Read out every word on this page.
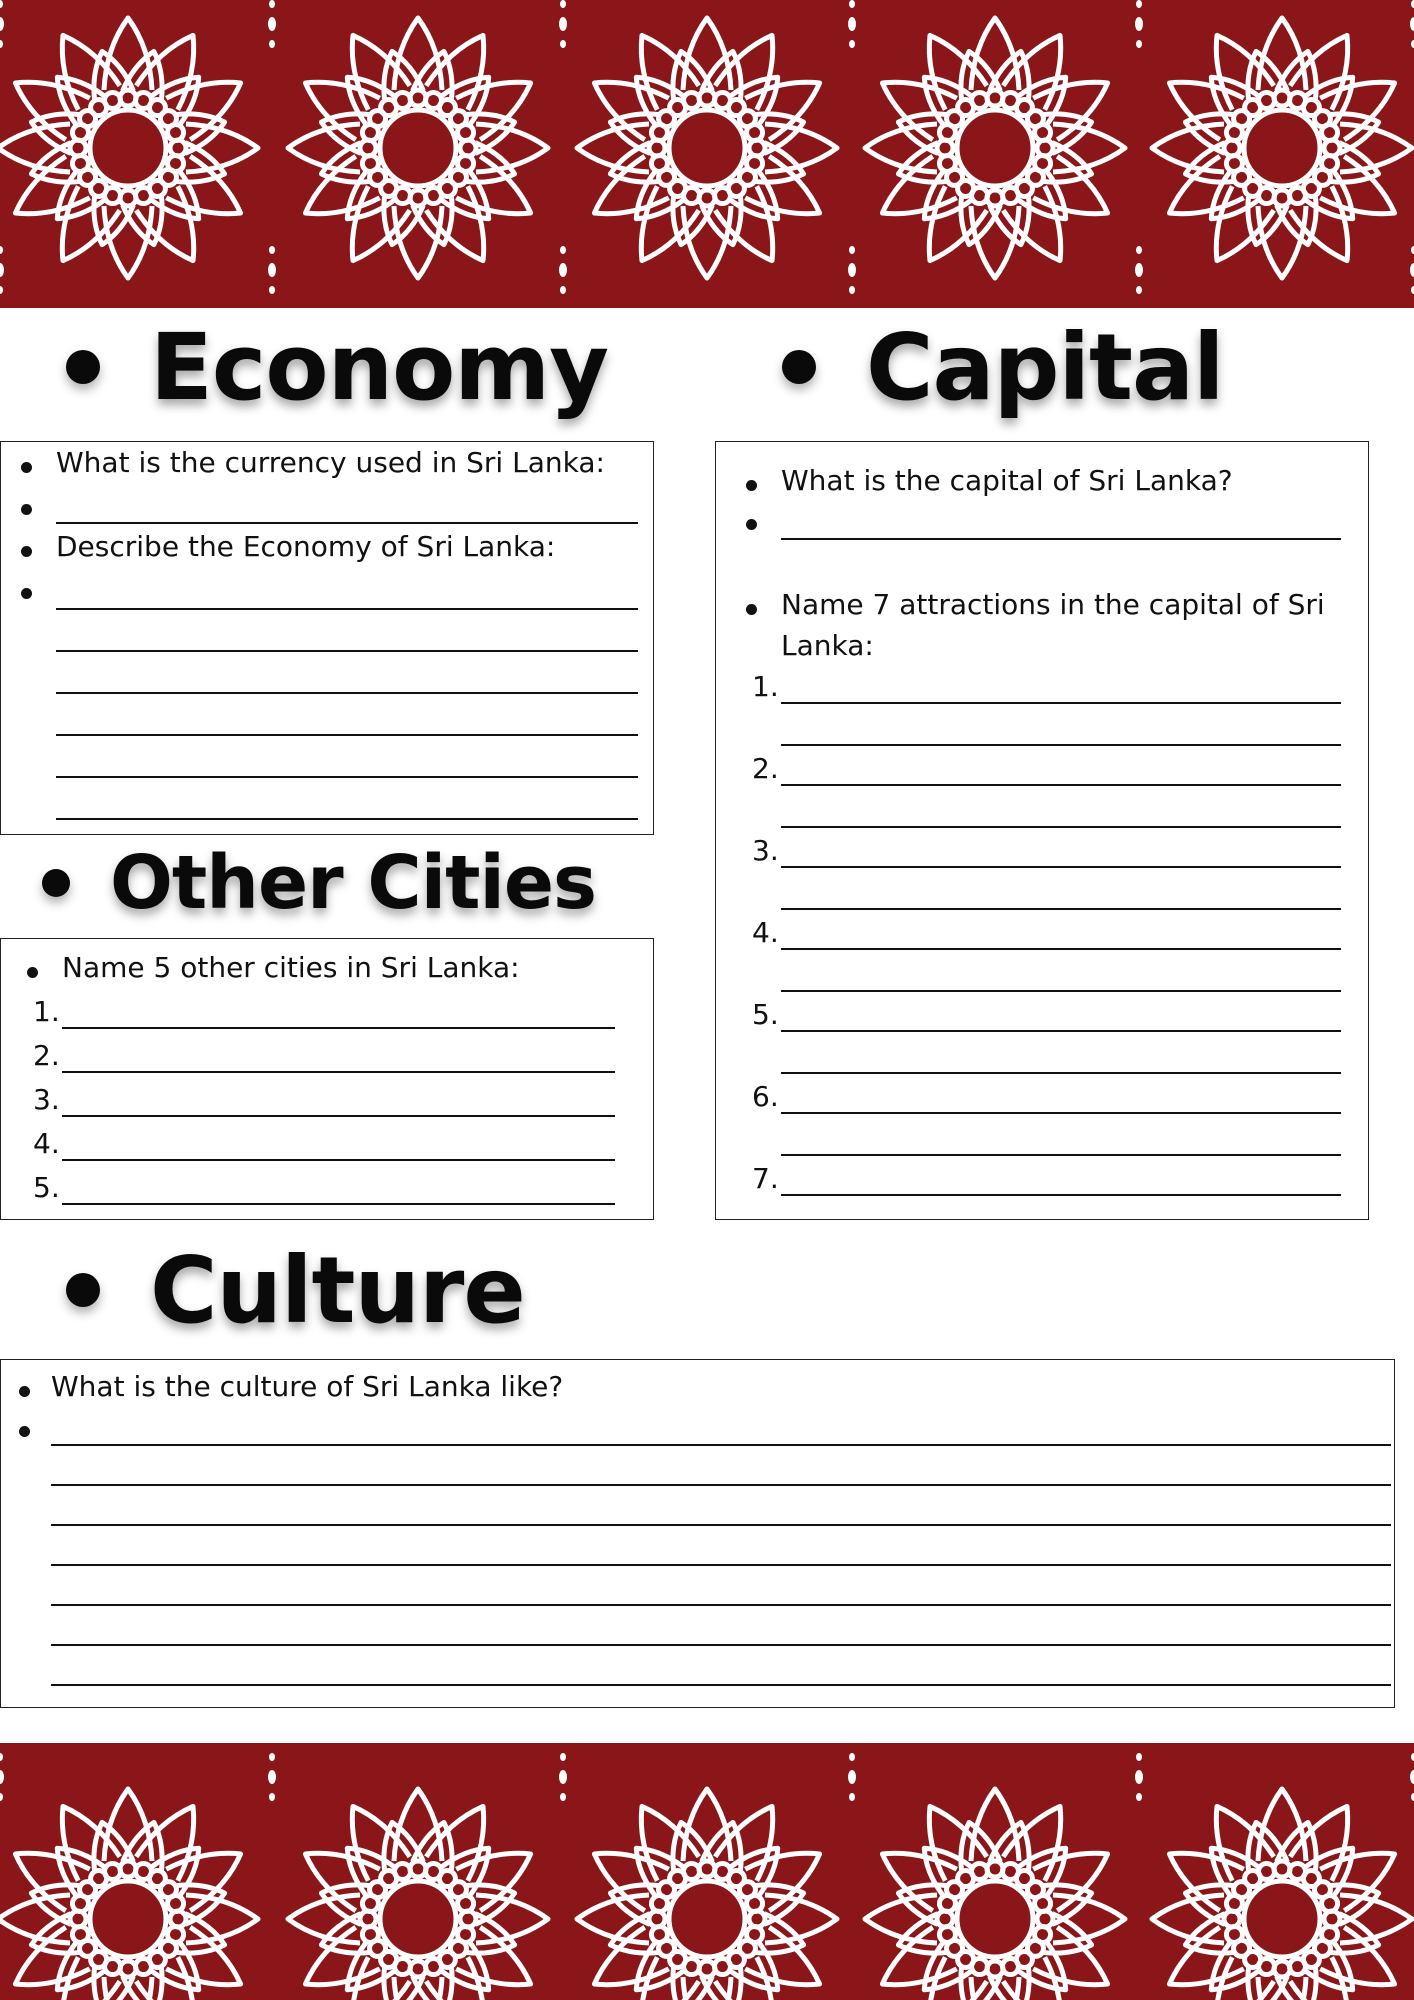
Economy	Capital
What is the currency used in Sri Lanka:
Describe the Economy of Sri Lanka:
What is the capital of Sri Lanka?
Name 7 attractions in the capital of Sri
Lanka:
1.
2.
3.
4.
5.
6.
7.
Other Cities
Name 5 other cities in Sri Lanka:
1.
2.
3.
4.
5.
Culture
What is the culture of Sri Lanka like?
